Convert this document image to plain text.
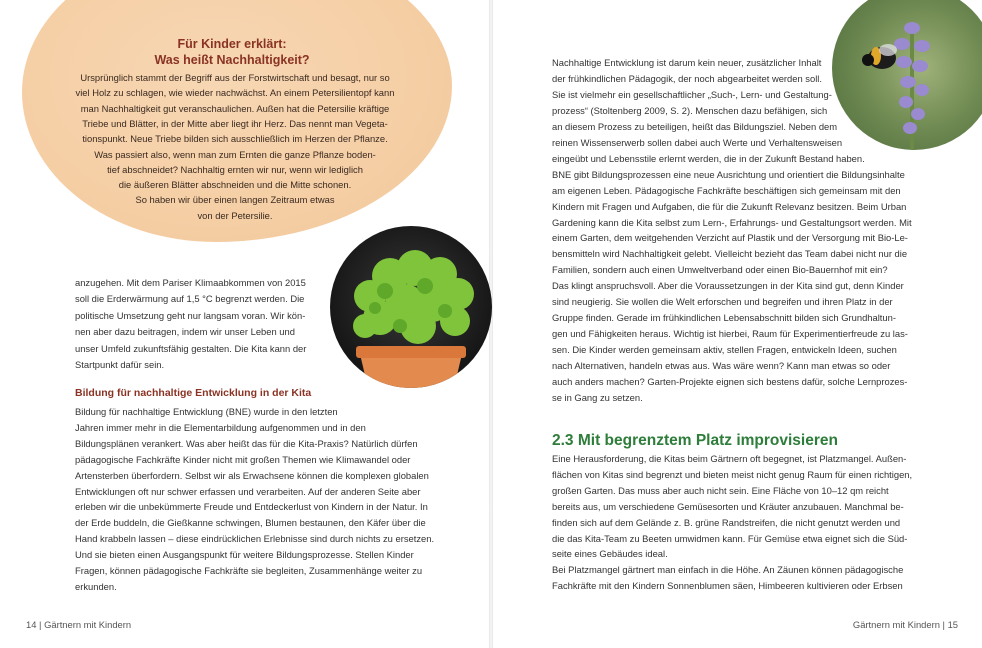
Für Kinder erklärt:
Was heißt Nachhaltigkeit?
Ursprünglich stammt der Begriff aus der Forstwirtschaft und besagt, nur so
viel Holz zu schlagen, wie wieder nachwächst. An einem Petersilientopf kann
man Nachhaltigkeit gut veranschaulichen. Außen hat die Petersilie kräftige
Triebe und Blätter, in der Mitte aber liegt ihr Herz. Das nennt man Vegeta-
tionspunkt. Neue Triebe bilden sich ausschließlich im Herzen der Pflanze.
Was passiert also, wenn man zum Ernten die ganze Pflanze boden-
tief abschneidet? Nachhaltig ernten wir nur, wenn wir lediglich
die äußeren Blätter abschneiden und die Mitte schonen.
So haben wir über einen langen Zeitraum etwas
von der Petersilie.
anzugehen. Mit dem Pariser Klimaabkommen von 2015
soll die Erderwärmung auf 1,5 °C begrenzt werden. Die
politische Umsetzung geht nur langsam voran. Wir kön-
nen aber dazu beitragen, indem wir unser Leben und
unser Umfeld zukunftsfähig gestalten. Die Kita kann der
Startpunkt dafür sein.
Bildung für nachhaltige Entwicklung in der Kita
Bildung für nachhaltige Entwicklung (BNE) wurde in den letzten
Jahren immer mehr in die Elementarbildung aufgenommen und in den
Bildungsplänen verankert. Was aber heißt das für die Kita-Praxis? Natürlich dürfen
pädagogische Fachkräfte Kinder nicht mit großen Themen wie Klimawandel oder
Artensterben überfordern. Selbst wir als Erwachsene können die komplexen globalen
Entwicklungen oft nur schwer erfassen und verarbeiten. Auf der anderen Seite aber
erleben wir die unbekümmerte Freude und Entdeckerlust von Kindern in der Natur. In
der Erde buddeln, die Gießkanne schwingen, Blumen bestaunen, den Käfer über die
Hand krabbeln lassen – diese eindrücklichen Erlebnisse sind durch nichts zu ersetzen.
Und sie bieten einen Ausgangspunkt für weitere Bildungsprozesse. Stellen Kinder
Fragen, können pädagogische Fachkräfte sie begleiten, Zusammenhänge weiter zu
erkunden.
Nachhaltige Entwicklung ist darum kein neuer, zusätzlicher Inhalt
der frühkindlichen Pädagogik, der noch abgearbeitet werden soll.
Sie ist vielmehr ein gesellschaftlicher „Such-, Lern- und Gestaltung-
prozess“ (Stoltenberg 2009, S. 2). Menschen dazu befähigen, sich
an diesem Prozess zu beteiligen, heißt das Bildungsziel. Neben dem
reinen Wissenserwerb sollen dabei auch Werte und Verhaltensweisen
eingeübt und Lebensstile erlernt werden, die in der Zukunft Bestand haben.
BNE gibt Bildungsprozessen eine neue Ausrichtung und orientiert die Bildungsinhalte
am eigenen Leben. Pädagogische Fachkräfte beschäftigen sich gemeinsam mit den
Kindern mit Fragen und Aufgaben, die für die Zukunft Relevanz besitzen. Beim Urban
Gardening kann die Kita selbst zum Lern-, Erfahrungs- und Gestaltungsort werden. Mit
einem Garten, dem weitgehenden Verzicht auf Plastik und der Versorgung mit Bio-Le-
bensmitteln wird Nachhaltigkeit gelebt. Vielleicht bezieht das Team dabei nicht nur die
Familien, sondern auch einen Umweltverband oder einen Bio-Bauernhof mit ein?
Das klingt anspruchsvoll. Aber die Voraussetzungen in der Kita sind gut, denn Kinder
sind neugierig. Sie wollen die Welt erforschen und begreifen und ihren Platz in der
Gruppe finden. Gerade im frühkindlichen Lebensabschnitt bilden sich Grundhaltun-
gen und Fähigkeiten heraus. Wichtig ist hierbei, Raum für Experimentierfreude zu las-
sen. Die Kinder werden gemeinsam aktiv, stellen Fragen, entwickeln Ideen, suchen
nach Alternativen, handeln etwas aus. Was wäre wenn? Kann man etwas so oder
auch anders machen? Garten-Projekte eignen sich bestens dafür, solche Lernprozes-
se in Gang zu setzen.
2.3 Mit begrenztem Platz improvisieren
Eine Herausforderung, die Kitas beim Gärtnern oft begegnet, ist Platzmangel. Außen-
flächen von Kitas sind begrenzt und bieten meist nicht genug Raum für einen richtigen,
großen Garten. Das muss aber auch nicht sein. Eine Fläche von 10–12 qm reicht
bereits aus, um verschiedene Gemüsesorten und Kräuter anzubauen. Manchmal be-
finden sich auf dem Gelände z. B. grüne Randstreifen, die nicht genutzt werden und
die das Kita-Team zu Beeten umwidmen kann. Für Gemüse etwa eignet sich die Süd-
seite eines Gebäudes ideal.
Bei Platzmangel gärtnert man einfach in die Höhe. An Zäunen können pädagogische
Fachkräfte mit den Kindern Sonnenblumen säen, Himbeeren kultivieren oder Erbsen
14 | Gärtnern mit Kindern	Gärtnern mit Kindern | 15
